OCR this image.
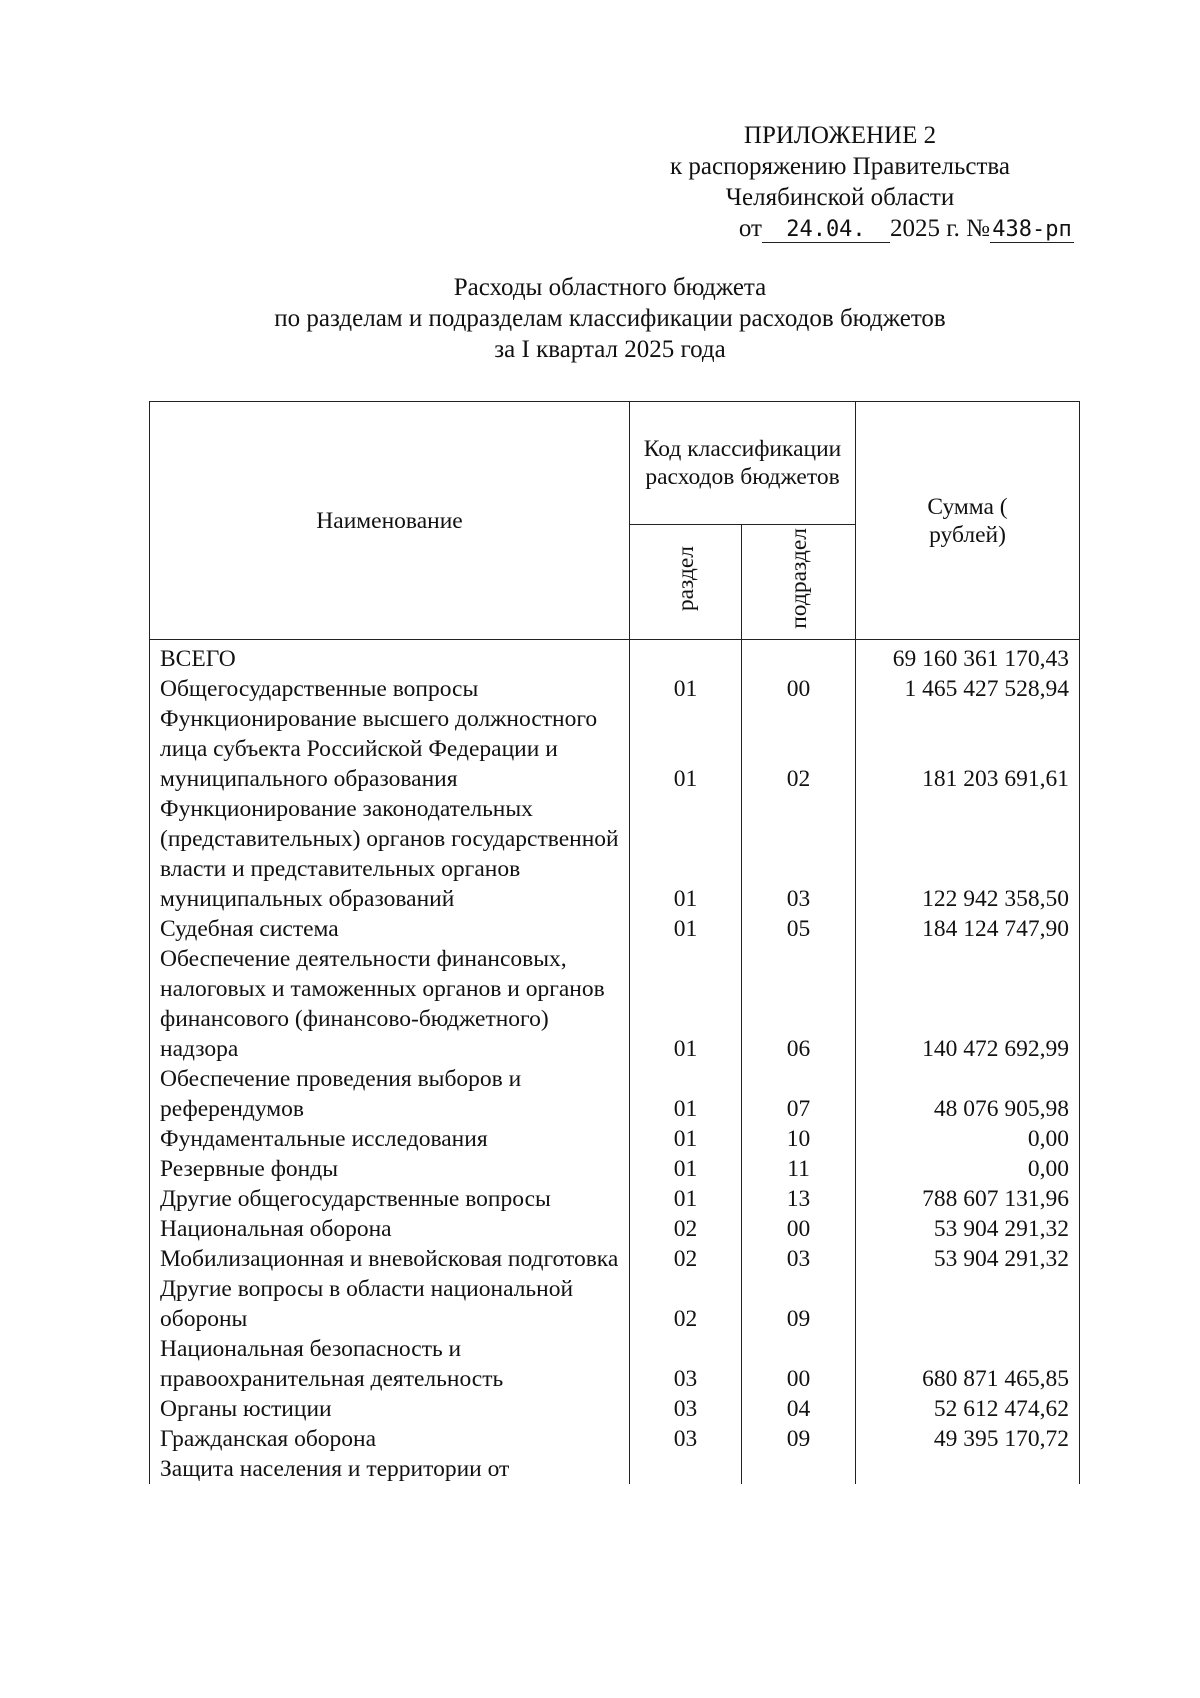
ПРИЛОЖЕНИЕ 2
к распоряжению Правительства
Челябинской области
от 24.04. 2025 г. № 438-рп
Расходы областного бюджета
по разделам и подразделам классификации расходов бюджетов
за I квартал 2025 года
Наименование	Код классификации расходов бюджетов		Сумма ( рублей)

	раздел	подраздел	
ВСЕГО			69 160 361 170,43
Общегосударственные вопросы	01	00	1 465 427 528,94
Функционирование высшего должностного лица субъекта Российской Федерации и муниципального образования	01	02	181 203 691,61
Функционирование законодательных (представительных) органов государственной власти и представительных органов муниципальных образований	01	03	122 942 358,50
Судебная система	01	05	184 124 747,90
Обеспечение деятельности финансовых, налоговых и таможенных органов и органов финансового (финансово-бюджетного) надзора	01	06	140 472 692,99
Обеспечение проведения выборов и референдумов	01	07	48 076 905,98
Фундаментальные исследования	01	10	0,00
Резервные фонды	01	11	0,00
Другие общегосударственные вопросы	01	13	788 607 131,96
Национальная оборона	02	00	53 904 291,32
Мобилизационная и вневойсковая подготовка	02	03	53 904 291,32
Другие вопросы в области национальной обороны	02	09	
Национальная безопасность и правоохранительная деятельность	03	00	680 871 465,85
Органы юстиции	03	04	52 612 474,62
Гражданская оборона	03	09	49 395 170,72
Защита населения и территории от			
